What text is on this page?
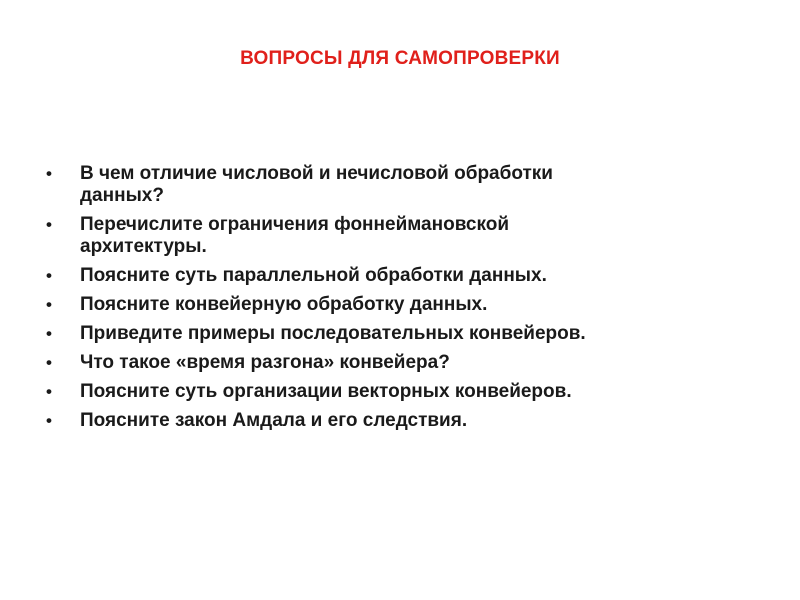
ВОПРОСЫ ДЛЯ САМОПРОВЕРКИ
•	В чем отличие числовой и нечисловой обработки данных?
•	Перечислите ограничения фоннеймановской архитектуры.
•	Поясните суть параллельной обработки данных.
•	Поясните конвейерную обработку данных.
•	Приведите примеры последовательных конвейеров.
•	Что такое «время разгона» конвейера?
•	Поясните суть организации векторных конвейеров.
•	Поясните закон Амдала и его следствия.
